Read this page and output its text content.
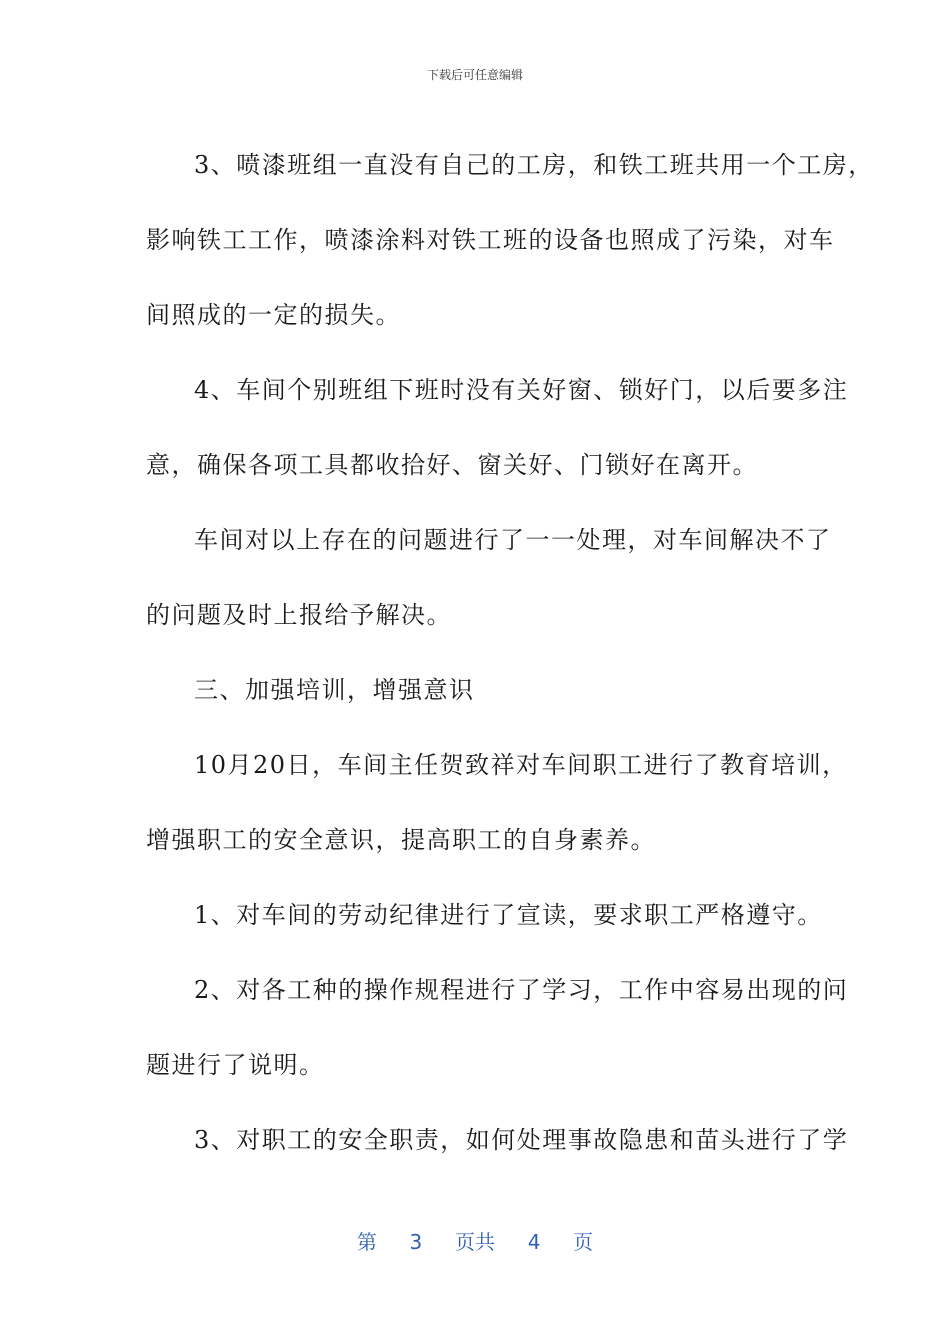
下载后可任意编辑
3、喷漆班组一直没有自己的工房，和铁工班共用一个工房，
影响铁工工作，喷漆涂料对铁工班的设备也照成了污染，对车
间照成的一定的损失。
4、车间个别班组下班时没有关好窗、锁好门，以后要多注
意，确保各项工具都收拾好、窗关好、门锁好在离开。
车间对以上存在的问题进行了一一处理，对车间解决不了
的问题及时上报给予解决。
三、加强培训，增强意识
10月20日，车间主任贺致祥对车间职工进行了教育培训，
增强职工的安全意识，提高职工的自身素养。
1、对车间的劳动纪律进行了宣读，要求职工严格遵守。
2、对各工种的操作规程进行了学习，工作中容易出现的问
题进行了说明。
3、对职工的安全职责，如何处理事故隐患和苗头进行了学
第 3 页共 4 页
